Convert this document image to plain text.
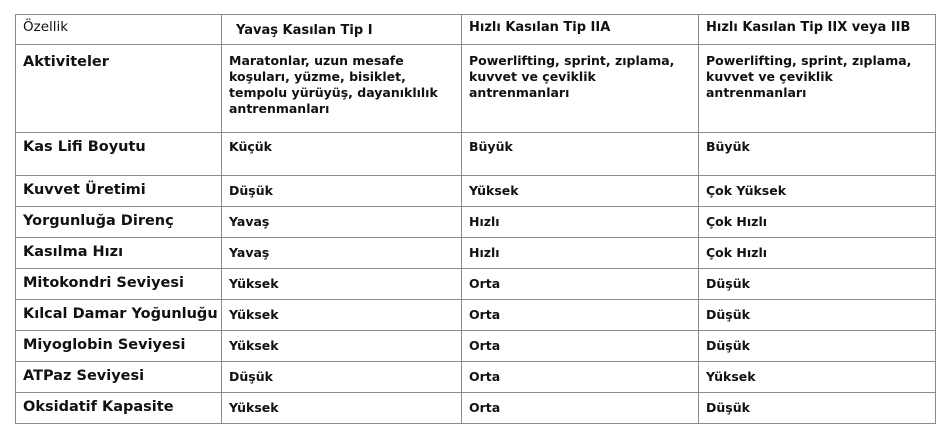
Özellik	Yavaş Kasılan Tip I	Hızlı Kasılan Tip IIA	Hızlı Kasılan Tip IIX veya IIB
Aktiviteler	Maratonlar, uzun mesafe koşuları, yüzme, bisiklet, tempolu yürüyüş, dayanıklılık antrenmanları	Powerlifting, sprint, zıplama, kuvvet ve çeviklik antrenmanları	Powerlifting, sprint, zıplama, kuvvet ve çeviklik antrenmanları
Kas Lifi Boyutu	Küçük	Büyük	Büyük
Kuvvet Üretimi	Düşük	Yüksek	Çok Yüksek
Yorgunluğa Direnç	Yavaş	Hızlı	Çok Hızlı
Kasılma Hızı	Yavaş	Hızlı	Çok Hızlı
Mitokondri Seviyesi	Yüksek	Orta	Düşük
Kılcal Damar Yoğunluğu	Yüksek	Orta	Düşük
Miyoglobin Seviyesi	Yüksek	Orta	Düşük
ATPaz Seviyesi	Düşük	Orta	Yüksek
Oksidatif Kapasite	Yüksek	Orta	Düşük
